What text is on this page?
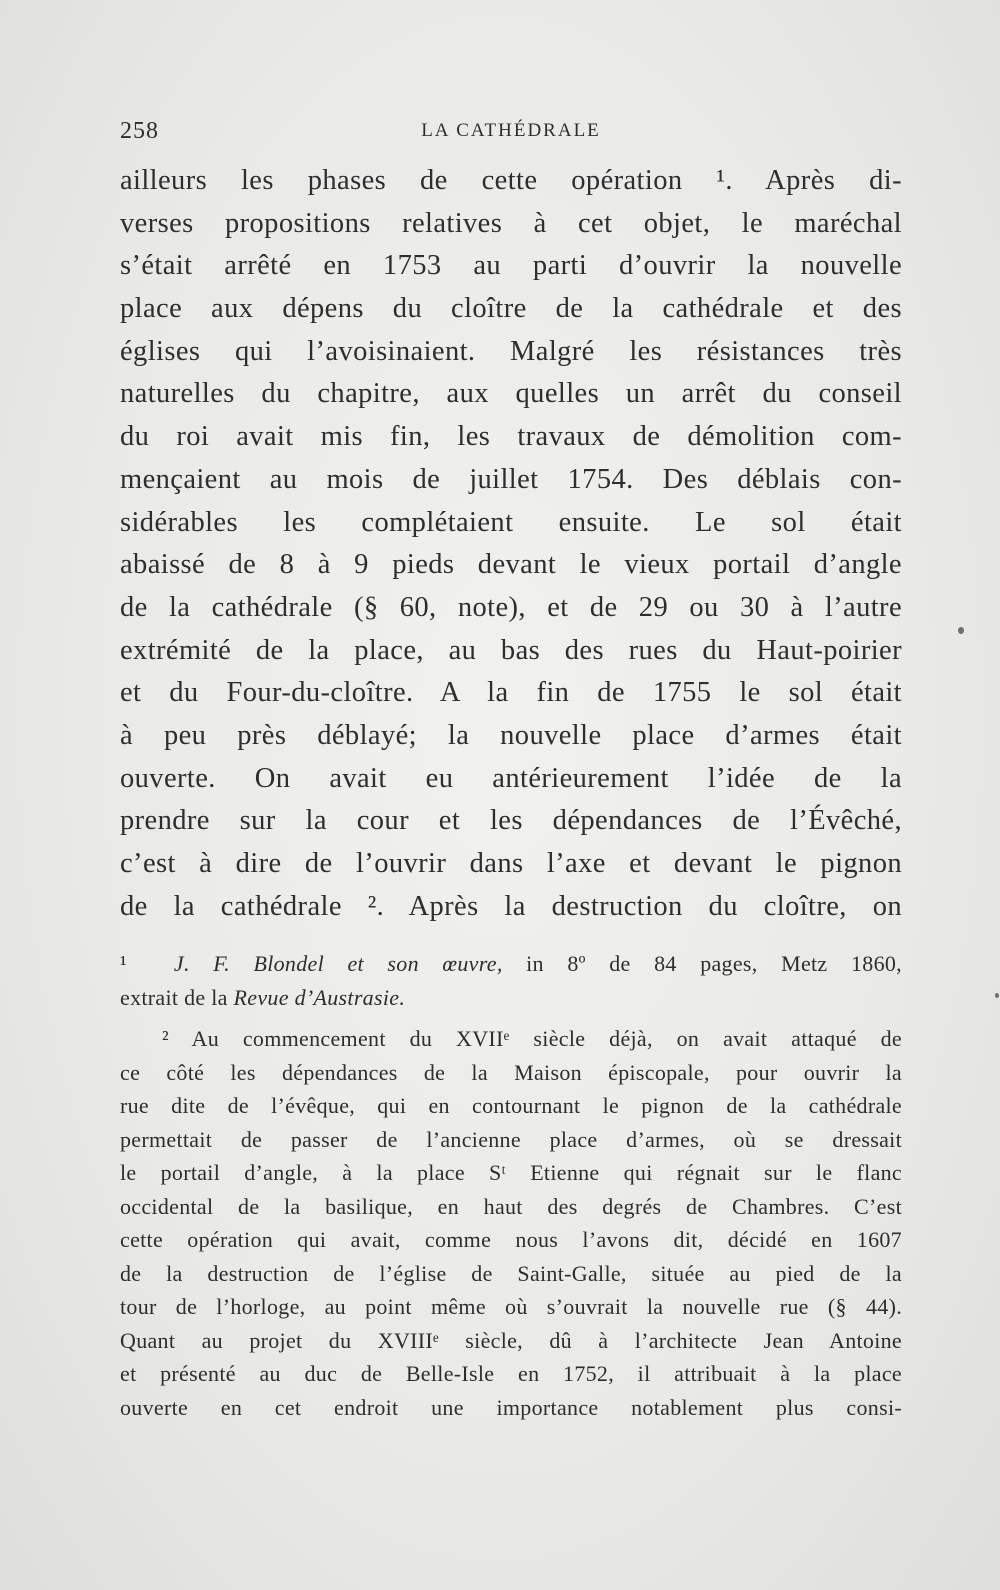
258	LA CATHÉDRALE
ailleurs les phases de cette opération ¹. Après di-
verses propositions relatives à cet objet, le maréchal
s’était arrêté en 1753 au parti d’ouvrir la nouvelle
place aux dépens du cloître de la cathédrale et des
églises qui l’avoisinaient. Malgré les résistances très
naturelles du chapitre, aux quelles un arrêt du conseil
du roi avait mis fin, les travaux de démolition com-
mençaient au mois de juillet 1754. Des déblais con-
sidérables les complétaient ensuite. Le sol était
abaissé de 8 à 9 pieds devant le vieux portail d’angle
de la cathédrale (§ 60, note), et de 29 ou 30 à l’autre
extrémité de la place, au bas des rues du Haut-poirier
et du Four-du-cloître. A la fin de 1755 le sol était
à peu près déblayé; la nouvelle place d’armes était
ouverte. On avait eu antérieurement l’idée de la
prendre sur la cour et les dépendances de l’Évêché,
c’est à dire de l’ouvrir dans l’axe et devant le pignon
de la cathédrale ². Après la destruction du cloître, on
¹ J. F. Blondel et son œuvre, in 8º de 84 pages, Metz 1860,
extrait de la Revue d’Austrasie.
² Au commencement du XVIIᵉ siècle déjà, on avait attaqué de
ce côté les dépendances de la Maison épiscopale, pour ouvrir la
rue dite de l’évêque, qui en contournant le pignon de la cathédrale
permettait de passer de l’ancienne place d’armes, où se dressait
le portail d’angle, à la place Sᵗ Etienne qui régnait sur le flanc
occidental de la basilique, en haut des degrés de Chambres. C’est
cette opération qui avait, comme nous l’avons dit, décidé en 1607
de la destruction de l’église de Saint-Galle, située au pied de la
tour de l’horloge, au point même où s’ouvrait la nouvelle rue (§ 44).
Quant au projet du XVIIIᵉ siècle, dû à l’architecte Jean Antoine
et présenté au duc de Belle-Isle en 1752, il attribuait à la place
ouverte en cet endroit une importance notablement plus consi-
